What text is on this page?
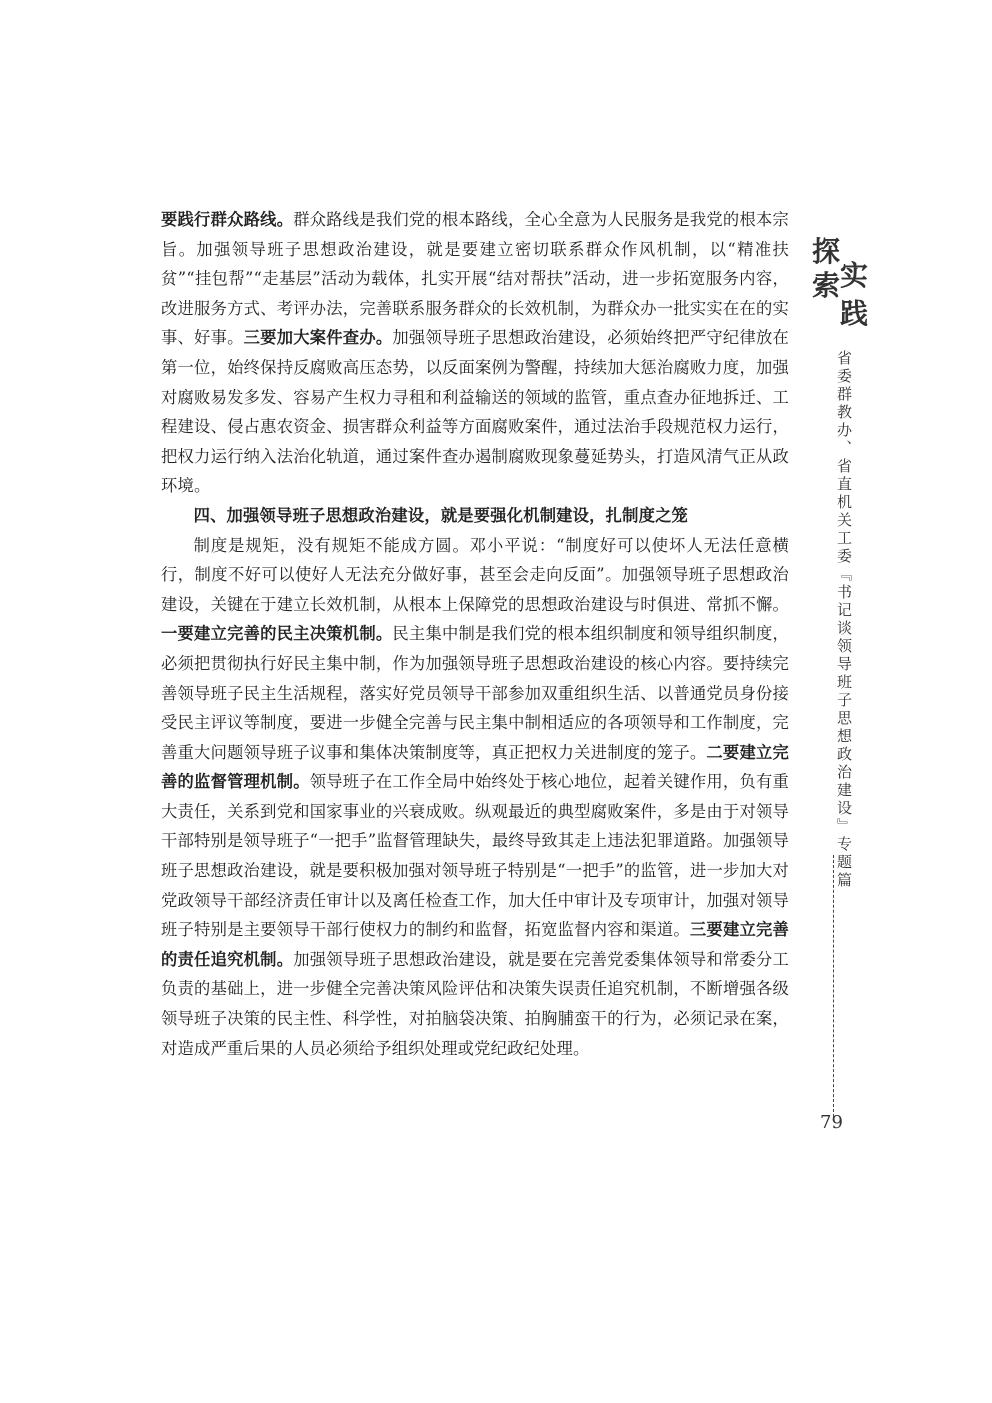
要践行群众路线。群众路线是我们党的根本路线，全心全意为人民服务是我党的根本宗旨。加强领导班子思想政治建设，就是要建立密切联系群众作风机制，以“精准扶贫”“挂包帮”“走基层”活动为载体，扎实开展“结对帮扶”活动，进一步拓宽服务内容，改进服务方式、考评办法，完善联系服务群众的长效机制，为群众办一批实实在在的实事、好事。三要加大案件查办。加强领导班子思想政治建设，必须始终把严守纪律放在第一位，始终保持反腐败高压态势，以反面案例为警醒，持续加大惩治腐败力度，加强对腐败易发多发、容易产生权力寻租和利益输送的领域的监管，重点查办征地拆迁、工程建设、侵占惠农资金、损害群众利益等方面腐败案件，通过法治手段规范权力运行，把权力运行纳入法治化轨道，通过案件查办遏制腐败现象蔓延势头，打造风清气正从政环境。

四、加强领导班子思想政治建设，就是要强化机制建设，扎制度之笼

制度是规矩，没有规矩不能成方圆。邓小平说：“制度好可以使坏人无法任意横行，制度不好可以使好人无法充分做好事，甚至会走向反面”。加强领导班子思想政治建设，关键在于建立长效机制，从根本上保障党的思想政治建设与时俱进、常抓不懈。一要建立完善的民主决策机制。民主集中制是我们党的根本组织制度和领导组织制度，必须把贯彻执行好民主集中制，作为加强领导班子思想政治建设的核心内容。要持续完善领导班子民主生活规程，落实好党员领导干部参加双重组织生活、以普通党员身份接受民主评议等制度，要进一步健全完善与民主集中制相适应的各项领导和工作制度，完善重大问题领导班子议事和集体决策制度等，真正把权力关进制度的笼子。二要建立完善的监督管理机制。领导班子在工作全局中始终处于核心地位，起着关键作用，负有重大责任，关系到党和国家事业的兴衰成败。纵观最近的典型腐败案件，多是由于对领导干部特别是领导班子“一把手”监督管理缺失，最终导致其走上违法犯罪道路。加强领导班子思想政治建设，就是要积极加强对领导班子特别是“一把手”的监管，进一步加大对党政领导干部经济责任审计以及离任检查工作，加大任中审计及专项审计，加强对领导班子特别是主要领导干部行使权力的制约和监督，拓宽监督内容和渠道。三要建立完善的责任追究机制。加强领导班子思想政治建设，就是要在完善党委集体领导和常委分工负责的基础上，进一步健全完善决策风险评估和决策失误责任追究机制，不断增强各级领导班子决策的民主性、科学性，对拍脑袋决策、拍胸脯蛮干的行为，必须记录在案，对造成严重后果的人员必须给予组织处理或党纪政纪处理。

探
索 实
践
省委群教办、省直机关工委『书记谈领导班子思想政治建设』专题篇
79
